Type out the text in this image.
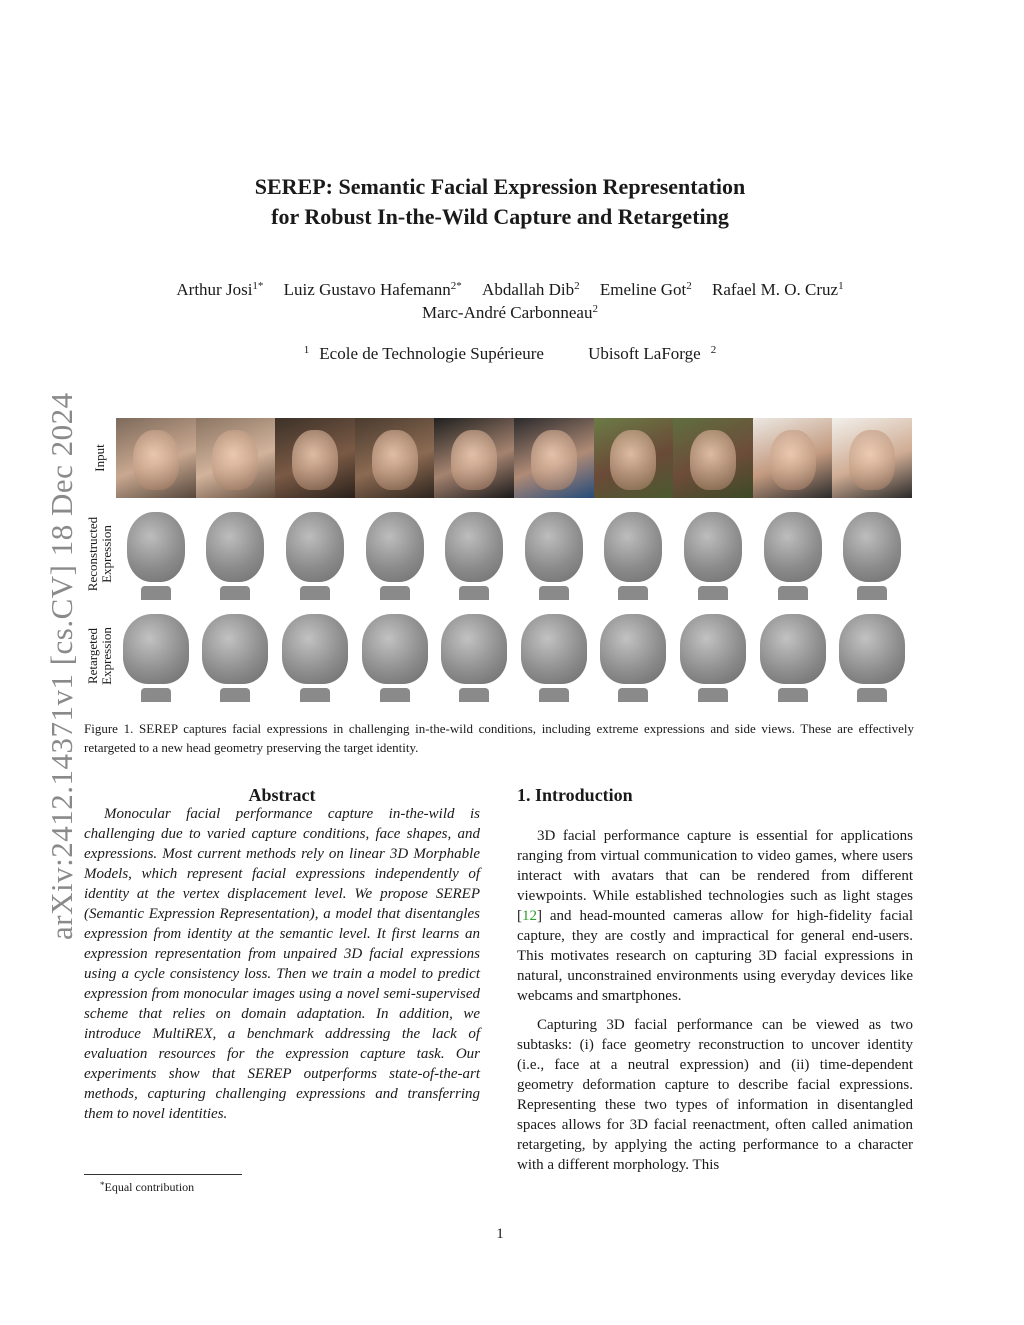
arXiv:2412.14371v1 [cs.CV] 18 Dec 2024
SEREP: Semantic Facial Expression Representation
for Robust In-the-Wild Capture and Retargeting
Arthur Josi$^{1*}$ Luiz Gustavo Hafemann$^{2*}$ Abdallah Dib$^2$ Emeline Got$^2$ Rafael M. O. Cruz$^1$
Marc-André Carbonneau$^2$
$^1$ Ecole de Technologie Supérieure	Ubisoft LaForge $^2$
Input
Reconstructed
Expression
Retargeted
Expression
Figure 1. SEREP captures facial expressions in challenging in-the-wild conditions, including extreme expressions and side views. These are effectively retargeted to a new head geometry preserving the target identity.
Abstract
Monocular facial performance capture in-the-wild is challenging due to varied capture conditions, face shapes, and expressions. Most current methods rely on linear 3D Morphable Models, which represent facial expressions independently of identity at the vertex displacement level. We propose SEREP (Semantic Expression Representation), a model that disentangles expression from identity at the semantic level. It first learns an expression representation from unpaired 3D facial expressions using a cycle consistency loss. Then we train a model to predict expression from monocular images using a novel semi-supervised scheme that relies on domain adaptation. In addition, we introduce MultiREX, a benchmark addressing the lack of evaluation resources for the expression capture task. Our experiments show that SEREP outperforms state-of-the-art methods, capturing challenging expressions and transferring them to novel identities.
1. Introduction

3D facial performance capture is essential for applications ranging from virtual communication to video games, where users interact with avatars that can be rendered from different viewpoints. While established technologies such as light stages [12] and head-mounted cameras allow for high-fidelity facial capture, they are costly and impractical for general end-users. This motivates research on capturing 3D facial expressions in natural, unconstrained environments using everyday devices like webcams and smartphones.

Capturing 3D facial performance can be viewed as two subtasks: (i) face geometry reconstruction to uncover identity (i.e., face at a neutral expression) and (ii) time-dependent geometry deformation capture to describe facial expressions. Representing these two types of information in disentangled spaces allows for 3D facial reenactment, often called animation retargeting, by applying the acting performance to a character with a different morphology. This

*Equal contribution
1
